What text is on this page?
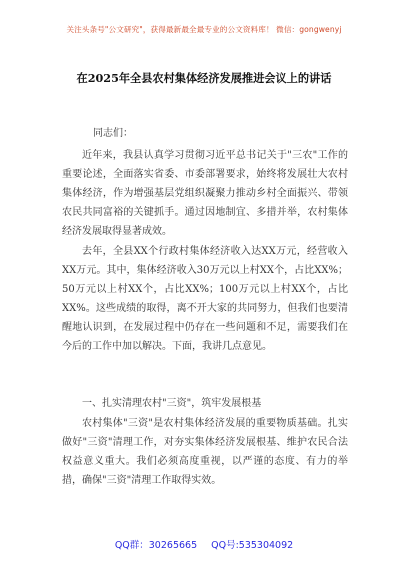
关注头条号"公文研究"，获得最新最全最专业的公文资料库！ 微信：gongwenyj
在2025年全县农村集体经济发展推进会议上的讲话
同志们：

近年来，我县认真学习贯彻习近平总书记关于"三农"工作的重要论述，全面落实省委、市委部署要求，始终将发展壮大农村集体经济，作为增强基层党组织凝聚力推动乡村全面振兴、带领农民共同富裕的关键抓手。通过因地制宜、多措并举，农村集体经济发展取得显著成效。

去年，全县XX个行政村集体经济收入达XX万元，经营收入XX万元。其中，集体经济收入30万元以上村XX个，占比XX%；50万元以上村XX个，占比XX%；100万元以上村XX个，占比XX%。这些成绩的取得，离不开大家的共同努力，但我们也要清醒地认识到，在发展过程中仍存在一些问题和不足，需要我们在今后的工作中加以解决。下面，我讲几点意见。

一、扎实清理农村"三资"，筑牢发展根基

农村集体"三资"是农村集体经济发展的重要物质基础。扎实做好"三资"清理工作，对夯实集体经济发展根基、维护农民合法权益意义重大。我们必须高度重视，以严谨的态度、有力的举措，确保"三资"清理工作取得实效。

QQ群：30265665 QQ号:535304092
